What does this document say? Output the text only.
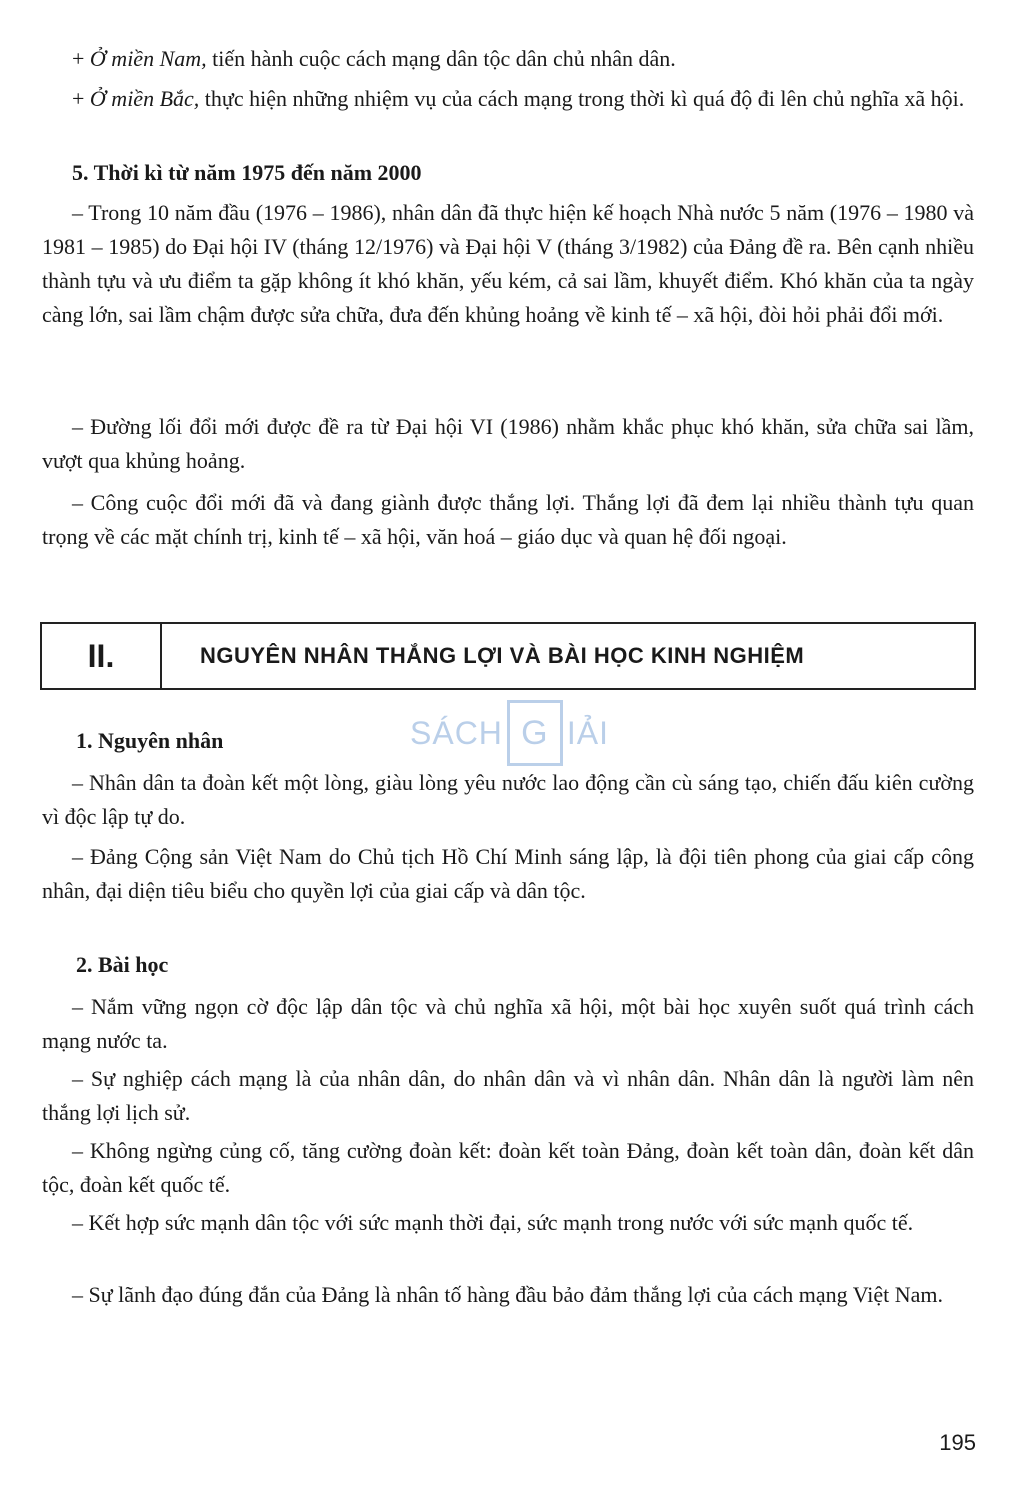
+ Ở miền Nam, tiến hành cuộc cách mạng dân tộc dân chủ nhân dân.

+ Ở miền Bắc, thực hiện những nhiệm vụ của cách mạng trong thời kì quá độ đi lên chủ nghĩa xã hội.

5. Thời kì từ năm 1975 đến năm 2000

– Trong 10 năm đầu (1976 – 1986), nhân dân đã thực hiện kế hoạch Nhà nước 5 năm (1976 – 1980 và 1981 – 1985) do Đại hội IV (tháng 12/1976) và Đại hội V (tháng 3/1982) của Đảng đề ra. Bên cạnh nhiều thành tựu và ưu điểm ta gặp không ít khó khăn, yếu kém, cả sai lầm, khuyết điểm. Khó khăn của ta ngày càng lớn, sai lầm chậm được sửa chữa, đưa đến khủng hoảng về kinh tế – xã hội, đòi hỏi phải đổi mới.

– Đường lối đổi mới được đề ra từ Đại hội VI (1986) nhằm khắc phục khó khăn, sửa chữa sai lầm, vượt qua khủng hoảng.

– Công cuộc đổi mới đã và đang giành được thắng lợi. Thắng lợi đã đem lại nhiều thành tựu quan trọng về các mặt chính trị, kinh tế – xã hội, văn hoá – giáo dục và quan hệ đối ngoại.

II.	NGUYÊN NHÂN THẮNG LỢI VÀ BÀI HỌC KINH NGHIỆM
SÁCH G IẢI
1. Nguyên nhân

– Nhân dân ta đoàn kết một lòng, giàu lòng yêu nước lao động cần cù sáng tạo, chiến đấu kiên cường vì độc lập tự do.

– Đảng Cộng sản Việt Nam do Chủ tịch Hồ Chí Minh sáng lập, là đội tiên phong của giai cấp công nhân, đại diện tiêu biểu cho quyền lợi của giai cấp và dân tộc.

2. Bài học

– Nắm vững ngọn cờ độc lập dân tộc và chủ nghĩa xã hội, một bài học xuyên suốt quá trình cách mạng nước ta.

– Sự nghiệp cách mạng là của nhân dân, do nhân dân và vì nhân dân. Nhân dân là người làm nên thắng lợi lịch sử.

– Không ngừng củng cố, tăng cường đoàn kết: đoàn kết toàn Đảng, đoàn kết toàn dân, đoàn kết dân tộc, đoàn kết quốc tế.

– Kết hợp sức mạnh dân tộc với sức mạnh thời đại, sức mạnh trong nước với sức mạnh quốc tế.

– Sự lãnh đạo đúng đắn của Đảng là nhân tố hàng đầu bảo đảm thắng lợi của cách mạng Việt Nam.

195
